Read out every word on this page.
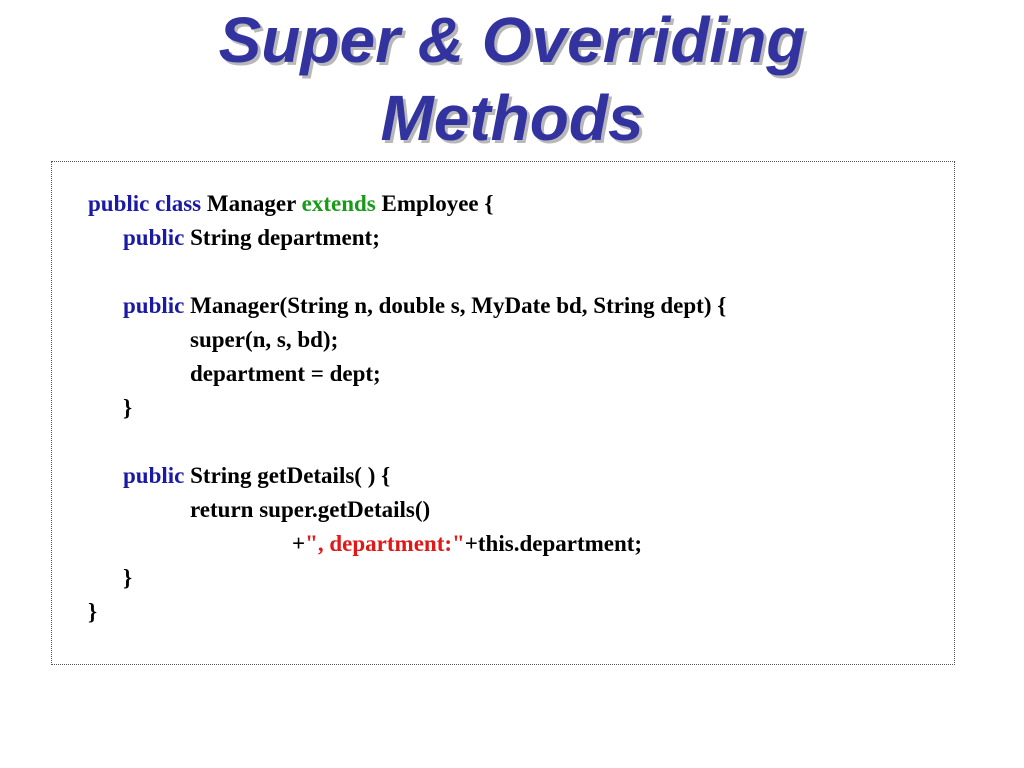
Super & Overriding
Methods
public class Manager extends Employee {
public String department;
public Manager(String n, double s, MyDate bd, String dept) {
super(n, s, bd);
department = dept;
}
public String getDetails( ) {
return super.getDetails()
+", department:"+this.department;
}
}
